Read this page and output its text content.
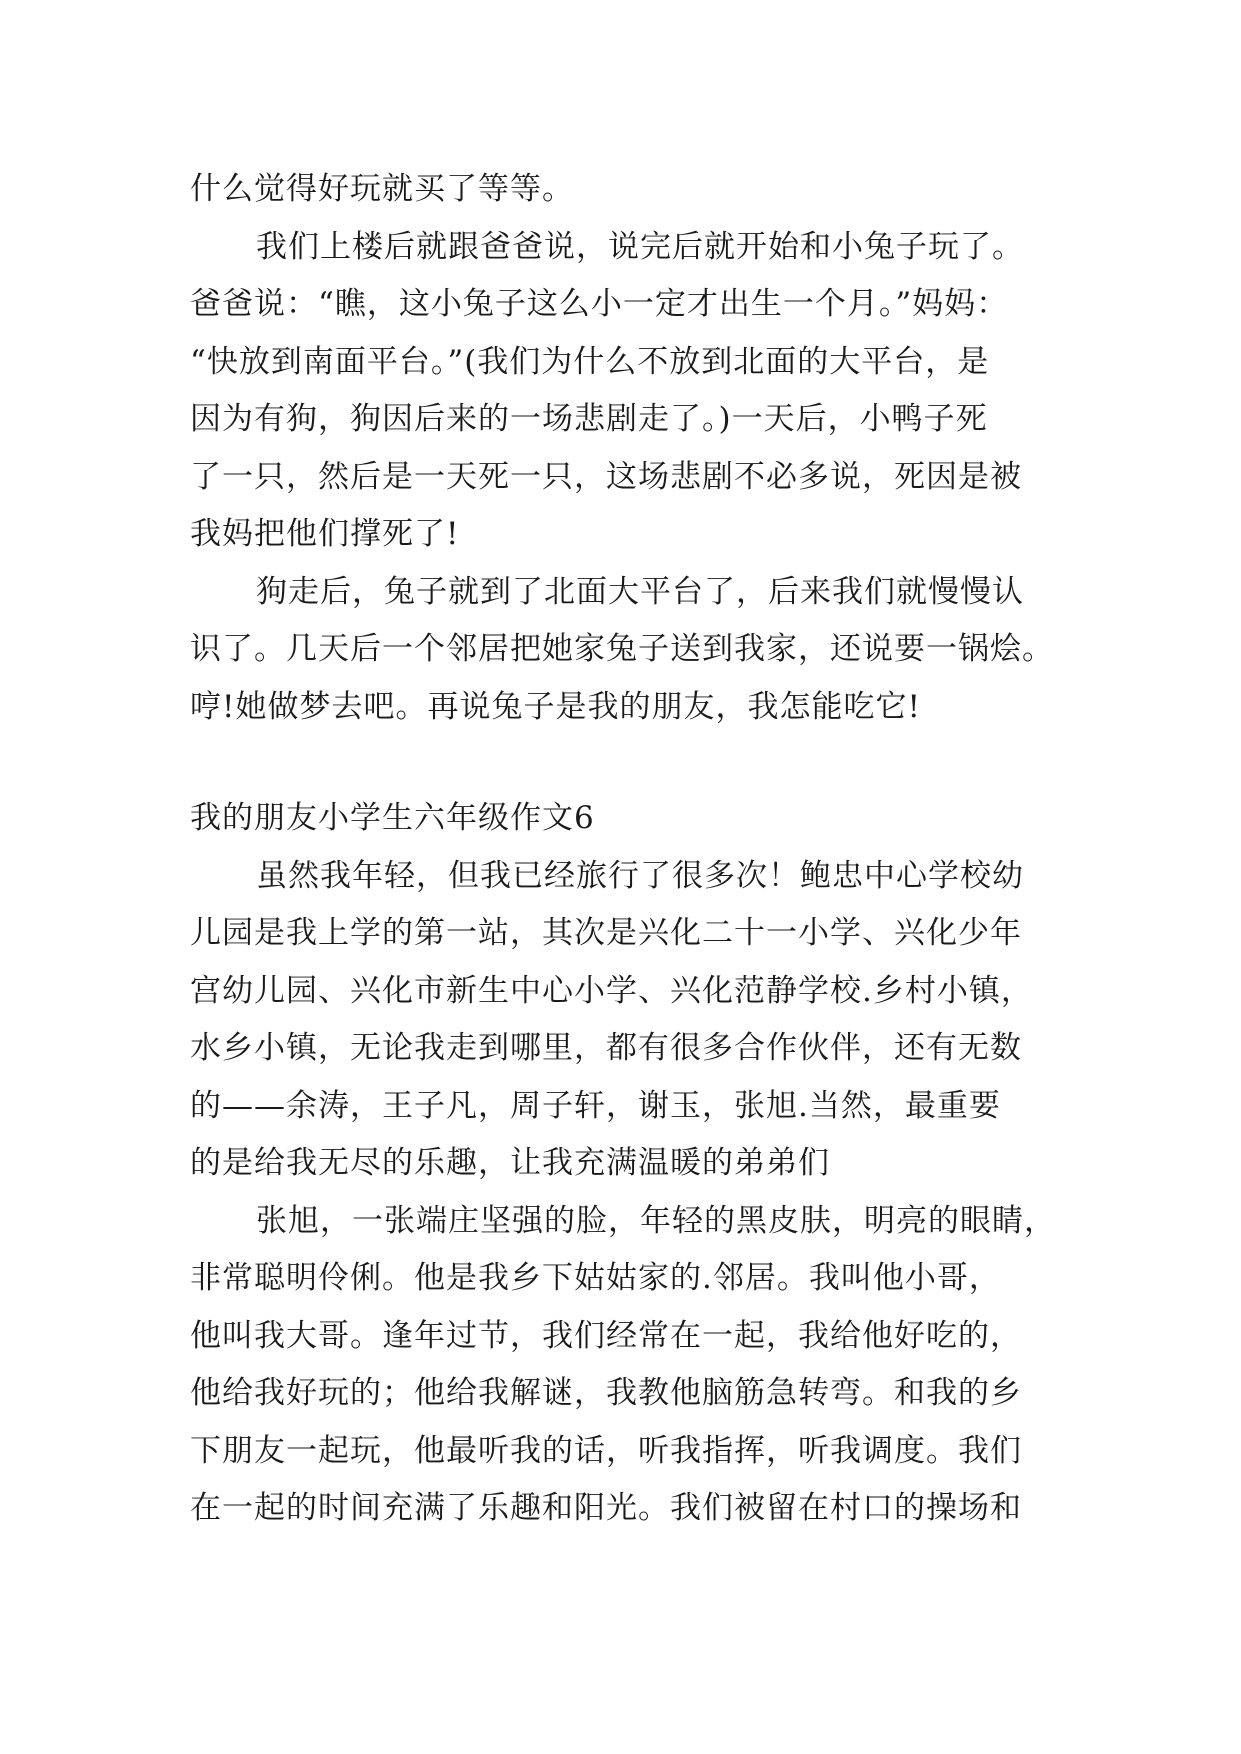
什么觉得好玩就买了等等。
我们上楼后就跟爸爸说，说完后就开始和小兔子玩了。
爸爸说：“瞧，这小兔子这么小一定才出生一个月。”妈妈：
“快放到南面平台。”(我们为什么不放到北面的大平台，是
因为有狗，狗因后来的一场悲剧走了。)一天后，小鸭子死
了一只，然后是一天死一只，这场悲剧不必多说，死因是被
我妈把他们撑死了!
狗走后，兔子就到了北面大平台了，后来我们就慢慢认
识了。几天后一个邻居把她家兔子送到我家，还说要一锅烩。
哼!她做梦去吧。再说兔子是我的朋友，我怎能吃它!
我的朋友小学生六年级作文6
虽然我年轻，但我已经旅行了很多次！鲍忠中心学校幼
儿园是我上学的第一站，其次是兴化二十一小学、兴化少年
宫幼儿园、兴化市新生中心小学、兴化范静学校.乡村小镇，
水乡小镇，无论我走到哪里，都有很多合作伙伴，还有无数
的——余涛，王子凡，周子轩，谢玉，张旭.当然，最重要
的是给我无尽的乐趣，让我充满温暖的弟弟们
张旭，一张端庄坚强的脸，年轻的黑皮肤，明亮的眼睛，
非常聪明伶俐。他是我乡下姑姑家的.邻居。我叫他小哥，
他叫我大哥。逢年过节，我们经常在一起，我给他好吃的，
他给我好玩的；他给我解谜，我教他脑筋急转弯。和我的乡
下朋友一起玩，他最听我的话，听我指挥，听我调度。我们
在一起的时间充满了乐趣和阳光。我们被留在村口的操场和
